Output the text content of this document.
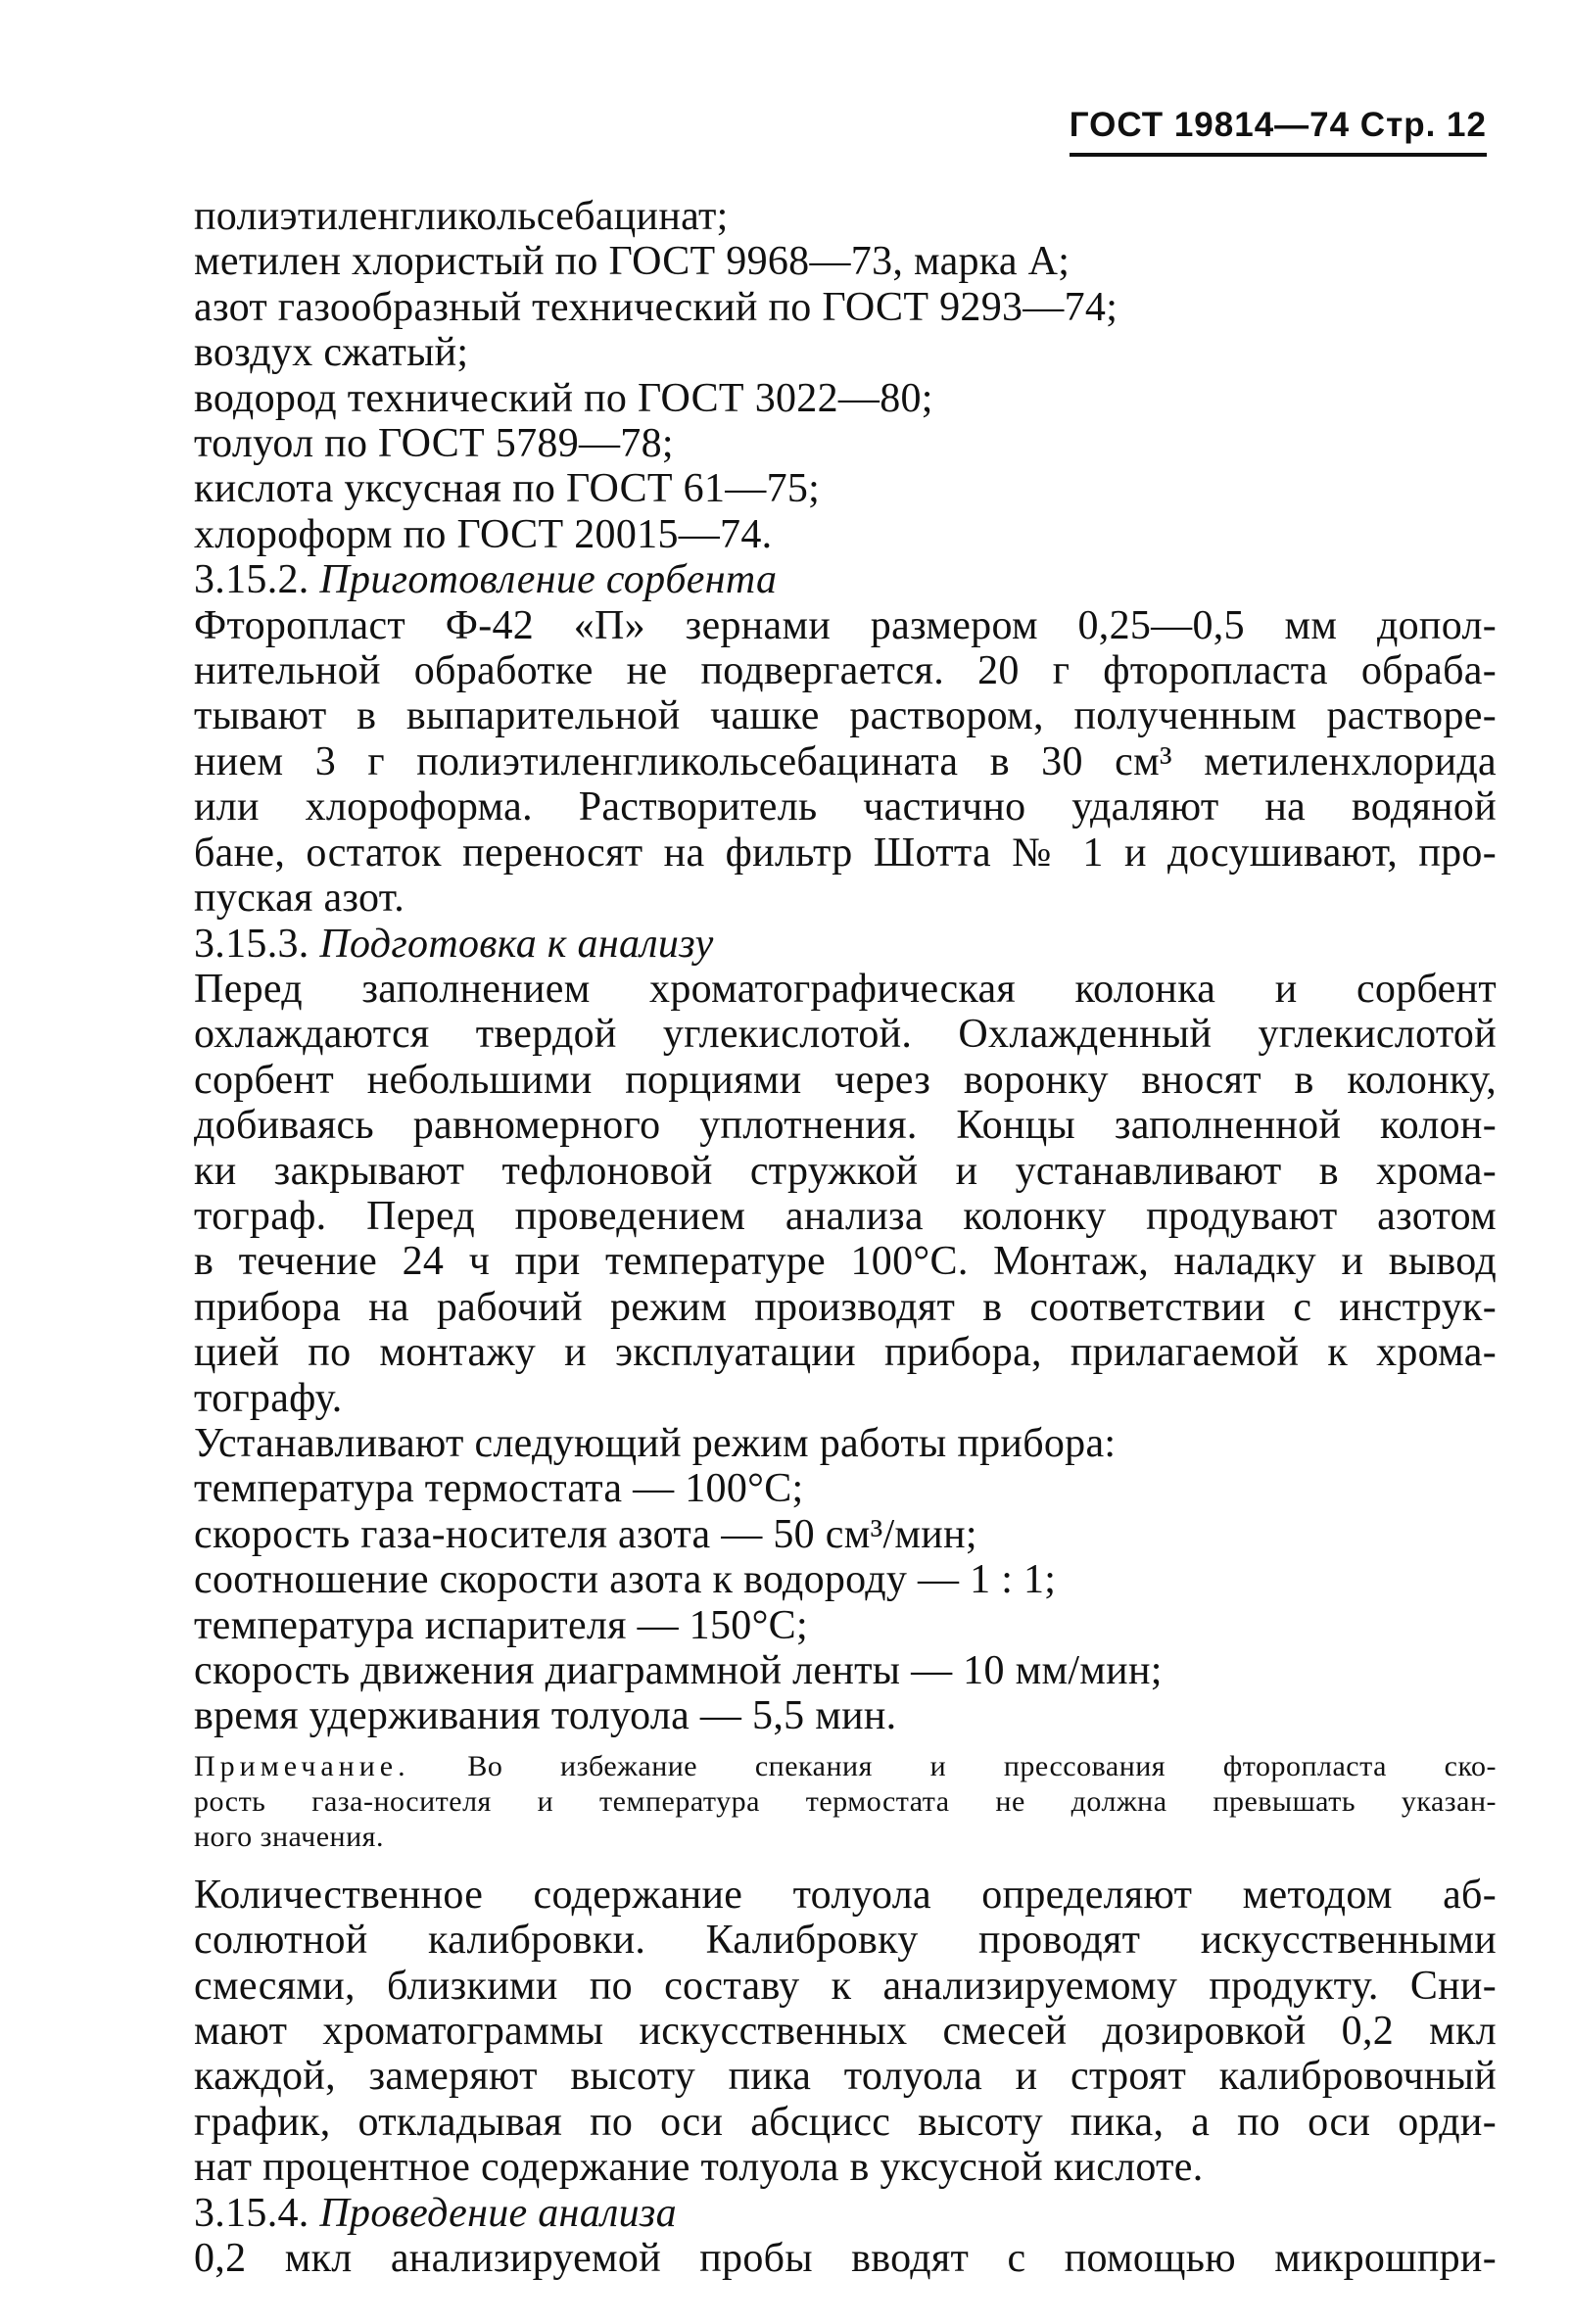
ГОСТ 19814—74 Стр. 12
полиэтиленгликольсебацинат;
метилен хлористый по ГОСТ 9968—73, марка А;
азот газообразный технический по ГОСТ 9293—74;
воздух сжатый;
водород технический по ГОСТ 3022—80;
толуол по ГОСТ 5789—78;
кислота уксусная по ГОСТ 61—75;
хлороформ по ГОСТ 20015—74.
3.15.2. Приготовление сорбента
Фторопласт Ф-42 «П» зернами размером 0,25—0,5 мм допол-
нительной обработке не подвергается. 20 г фторопласта обраба-
тывают в выпарительной чашке раствором, полученным растворе-
нием 3 г полиэтиленгликольсебацината в 30 см³ метиленхлорида
или хлороформа. Растворитель частично удаляют на водяной
бане, остаток переносят на фильтр Шотта № 1 и досушивают, про-
пуская азот.
3.15.3. Подготовка к анализу
Перед заполнением хроматографическая колонка и сорбент
охлаждаются твердой углекислотой. Охлажденный углекислотой
сорбент небольшими порциями через воронку вносят в колонку,
добиваясь равномерного уплотнения. Концы заполненной колон-
ки закрывают тефлоновой стружкой и устанавливают в хрома-
тограф. Перед проведением анализа колонку продувают азотом
в течение 24 ч при температуре 100°С. Монтаж, наладку и вывод
прибора на рабочий режим производят в соответствии с инструк-
цией по монтажу и эксплуатации прибора, прилагаемой к хрома-
тографу.
Устанавливают следующий режим работы прибора:
температура термостата — 100°С;
скорость газа-носителя азота — 50 см³/мин;
соотношение скорости азота к водороду — 1 : 1;
температура испарителя — 150°С;
скорость движения диаграммной ленты — 10 мм/мин;
время удерживания толуола — 5,5 мин.
Примечание. Во избежание спекания и прессования фторопласта ско-
рость газа-носителя и температура термостата не должна превышать указан-
ного значения.
Количественное содержание толуола определяют методом аб-
солютной калибровки. Калибровку проводят искусственными
смесями, близкими по составу к анализируемому продукту. Сни-
мают хроматограммы искусственных смесей дозировкой 0,2 мкл
каждой, замеряют высоту пика толуола и строят калибровочный
график, откладывая по оси абсцисс высоту пика, а по оси орди-
нат процентное содержание толуола в уксусной кислоте.
3.15.4. Проведение анализа
0,2 мкл анализируемой пробы вводят с помощью микрошпри-
